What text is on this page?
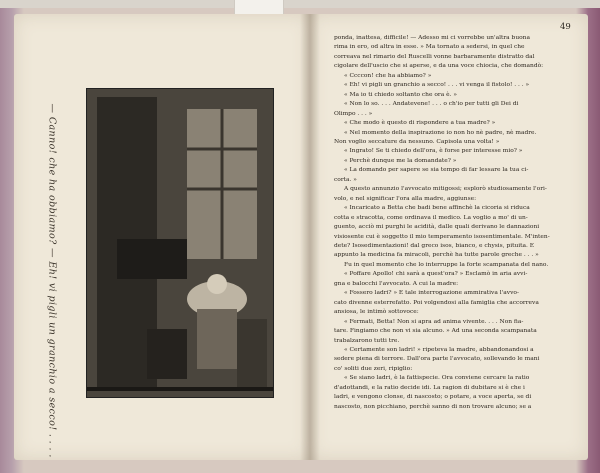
— Canno! che ha obbiamo? — Eh! vi pigli un granchio a secco! . . . .
49

ponda, inattesa, difficile! — Adesso mi ci vorrebbe un'altra buona

rima in ero, od altra in esse. » Ma tornato a sedersi, in quel che

correava nel rimario del Ruscelli vonne barbaramente distratto dal

cigolare dell'uscio che si aperse, e da una voce chiocia, che domandò:

« Ccccon! che ha abbiamo? »

« Eh! vi pigli un granchio a secco! . . . vi venga il fistolo! . . . »

« Ma io ti chiedo soltanto che ora è. »

« Non lo so. . . . Andatevene! . . . o ch'io per tutti gli Dei di

Olimpo . . . »

« Che modo è questo di rispondere a tua madre? »

« Nel momento della inspirazione io non ho nè padre, nè madre.

Non voglio seccature da nessuno. Capisola una volta! »

« Ingrato! Se ti chiedo dell'ora, è forse per interesse mio? »

« Perchè dunque me la domandate? »

« La domando per sapere se sia tempo di far lessare la tua ci-

corta. »

A questo annunzio l'avvocato mitigossi; esplorò studiosamente l'ori-

volo, e nel significar l'ora alla madre, aggiunse:

« Incaricato a Betta che badi bene affinchè la cicoria si riduca

cotta e stracotta, come ordinava il medico. La voglio a mo' di un-

guento, acciò mi purghi le acidità, dalle quali derivano le dannazioni

visiosente cui è soggetto il mio temperamento isosentimentale. M'inten-

dete? Isosedimentazioni! dal greco isos, bianco, e chysis, pituita. E

appunto la medicina fa miracoli, perchè ha tutte parole greche . . . »

Fu in quel momento che lo interruppe la forte scampanata del nano.

« Poffare Apollo! chi sarà a quest'ora? » Esclamò in aria avvi-

gna e balocchi l'avvocato. A cui la madre:

« Fossero ladri? » E tale interrogazione ammirativa l'avvo-

cato divenne esterrefatto. Poi volgendosi alla famiglia che accorreva

ansiosa, le intimò sottovoce:

« Fermati, Betta! Non si apra ad anima vivente. . . . Non fia-

tare. Fingiamo che non vi sia alcuno. » Ad una seconda scampanata

trabalzarono tutti tre.

« Certamente son ladri! » ripeteva la madre, abbandonandosi a

sedere piena di terrore. Dall'ora parte l'avvocato, sollevando le mani

co' soliti due zeri, ripiglio:

« Se siano ladri, è la fattispecie. Ora conviene cercare la ratio

d'adottandi, e la ratio decide idi. La ragion di dubitare si è che i

ladri, e vengono clonse, di nascosto; o potare, a voce aperta, se di

nascosto, non picchiano, perchè sanno di non trovare alcuno; se a
